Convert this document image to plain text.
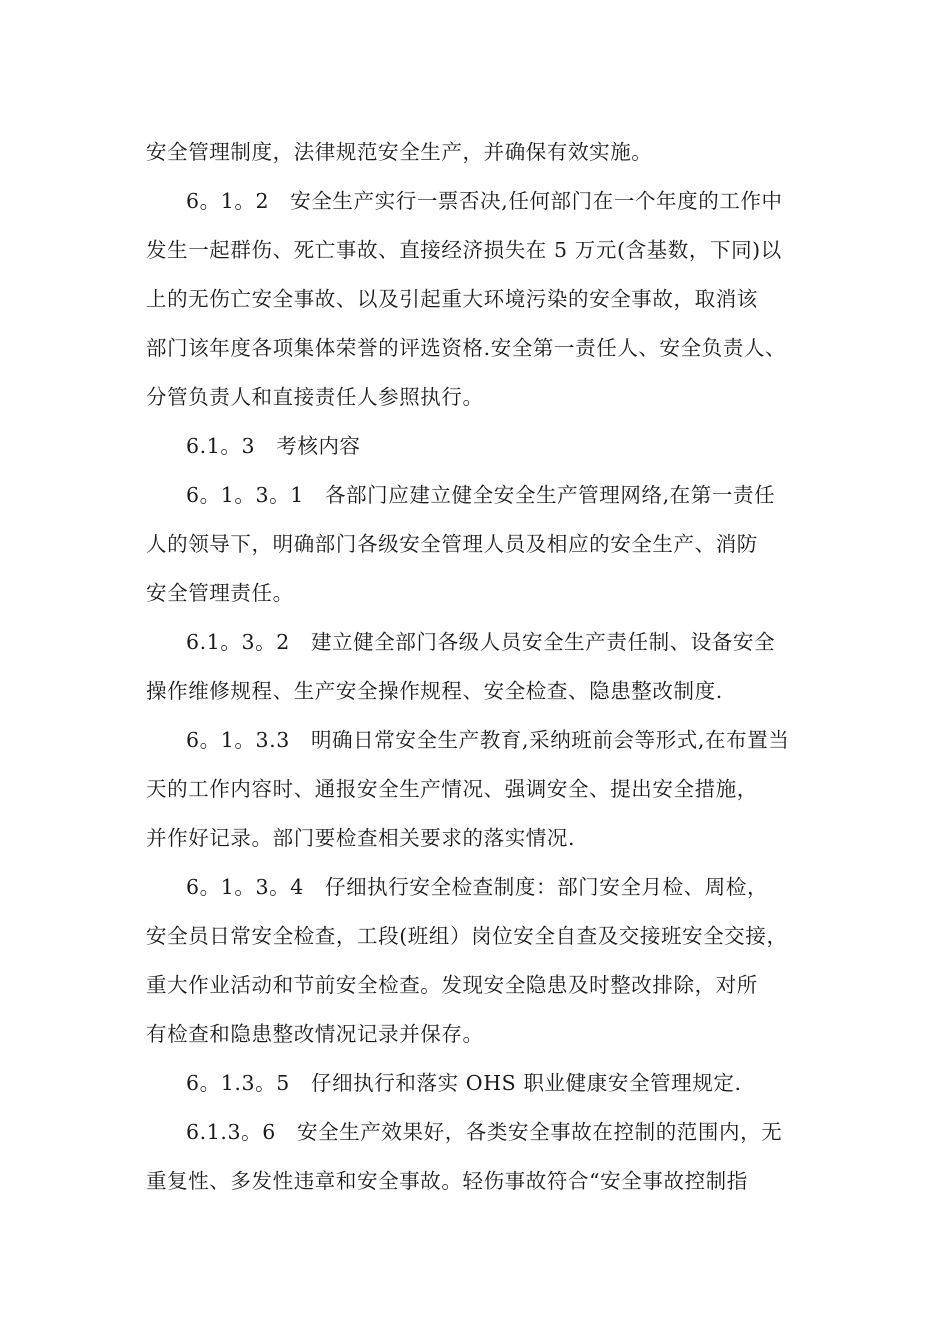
安全管理制度，法律规范安全生产，并确保有效实施。
6。1。2　安全生产实行一票否决,任何部门在一个年度的工作中
发生一起群伤、死亡事故、直接经济损失在 5 万元(含基数，下同)以
上的无伤亡安全事故、以及引起重大环境污染的安全事故，取消该
部门该年度各项集体荣誉的评选资格.安全第一责任人、安全负责人、
分管负责人和直接责任人参照执行。
6.1。3　考核内容
6。1。3。1　各部门应建立健全安全生产管理网络,在第一责任
人的领导下，明确部门各级安全管理人员及相应的安全生产、消防
安全管理责任。
6.1。3。2　建立健全部门各级人员安全生产责任制、设备安全
操作维修规程、生产安全操作规程、安全检查、隐患整改制度.
6。1。3.3　明确日常安全生产教育,采纳班前会等形式,在布置当
天的工作内容时、通报安全生产情况、强调安全、提出安全措施，
并作好记录。部门要检查相关要求的落实情况.
6。1。3。4　仔细执行安全检查制度：部门安全月检、周检，
安全员日常安全检查，工段(班组）岗位安全自查及交接班安全交接，
重大作业活动和节前安全检查。发现安全隐患及时整改排除，对所
有检查和隐患整改情况记录并保存。
6。1.3。5　仔细执行和落实 OHS 职业健康安全管理规定.
6.1.3。6　安全生产效果好，各类安全事故在控制的范围内，无
重复性、多发性违章和安全事故。轻伤事故符合“安全事故控制指
